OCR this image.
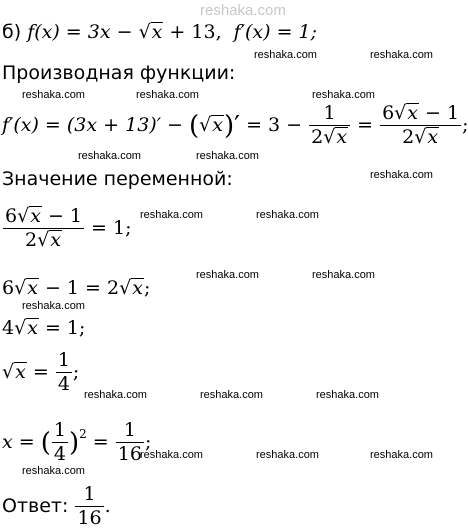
reshaka.com
reshaka.com	reshaka.com
reshaka.com	reshaka.com	reshaka.com
reshaka.com	reshaka.com
reshaka.com
reshaka.com	reshaka.com
reshaka.com	reshaka.com
reshaka.com
reshaka.com	reshaka.com	reshaka.com
reshaka.com	reshaka.com	reshaka.com
reshaka.com
б) f(x) = 3x − √x + 13, f′(x) = 1;
Производная функции:
$f'(x) = (3x + 13)' - (√x)' = 3 - \frac{1}{2√x} = \frac{6√x - 1}{2√x}$ ;
Значение переменной:
$\frac{6√x - 1}{2√x} = 1$;
6√x − 1 = 2√x;
4√x = 1;
$√x = \frac{1}{4}$ ;
x = ( $\frac{1}{4} )^2 = \frac{1}{16}$ ;
Ответ: $\frac{1}{16}$ .
